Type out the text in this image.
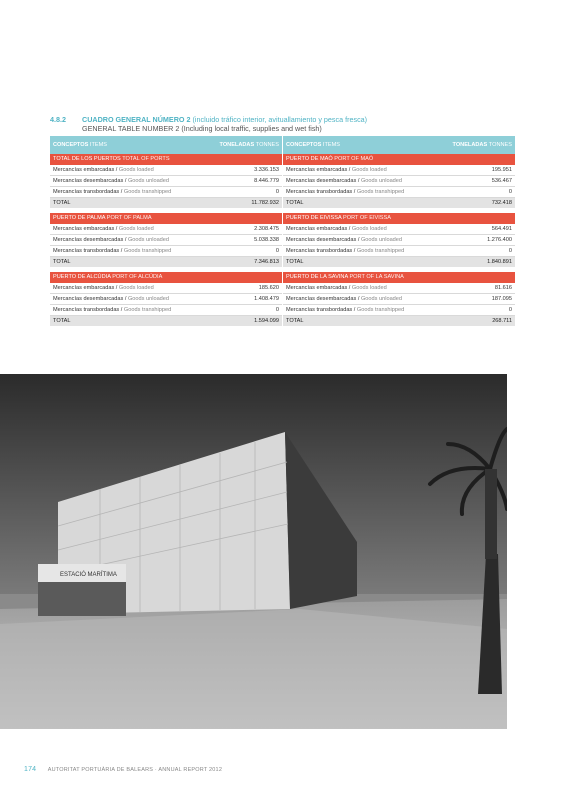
4.8.2 CUADRO GENERAL NÚMERO 2 (incluido tráfico interior, avituallamiento y pesca fresca)
GENERAL TABLE NUMBER 2 (Including local traffic, supplies and wet fish)
CONCEPTOS ITEMS	TONELADAS TONNES
TOTAL DE LOS PUERTOS TOTAL OF PORTS	
Mercancías embarcadas / Goods loaded	3.336.153
Mercancías desembarcadas / Goods unloaded	8.446.779
Mercancías transbordadas / Goods transhipped	0
TOTAL	11.782.932

PUERTO DE PALMA PORT OF PALMA	
Mercancías embarcadas / Goods loaded	2.308.475
Mercancías desembarcadas / Goods unloaded	5.038.338
Mercancías transbordadas / Goods transhipped	0
TOTAL	7.346.813

PUERTO DE ALCÚDIA PORT OF ALCÚDIA	
Mercancías embarcadas / Goods loaded	185.620
Mercancías desembarcadas / Goods unloaded	1.408.479
Mercancías transbordadas / Goods transhipped	0
TOTAL	1.594.099
CONCEPTOS ITEMS	TONELADAS TONNES
PUERTO DE MAÓ PORT OF MAÓ	
Mercancías embarcadas / Goods loaded	195.951
Mercancías desembarcadas / Goods unloaded	536.467
Mercancías transbordadas / Goods transhipped	0
TOTAL	732.418

PUERTO DE EIVISSA PORT OF EIVISSA	
Mercancías embarcadas / Goods loaded	564.491
Mercancías desembarcadas / Goods unloaded	1.276.400
Mercancías transbordadas / Goods transhipped	0
TOTAL	1.840.891

PUERTO DE LA SAVINA PORT OF LA SAVINA	
Mercancías embarcadas / Goods loaded	81.616
Mercancías desembarcadas / Goods unloaded	187.095
Mercancías transbordadas / Goods transhipped	0
TOTAL	268.711
ESTACIÓ MARÍTIMA
174 AUTORITAT PORTUÀRIA DE BALEARS · ANNUAL REPORT 2012
